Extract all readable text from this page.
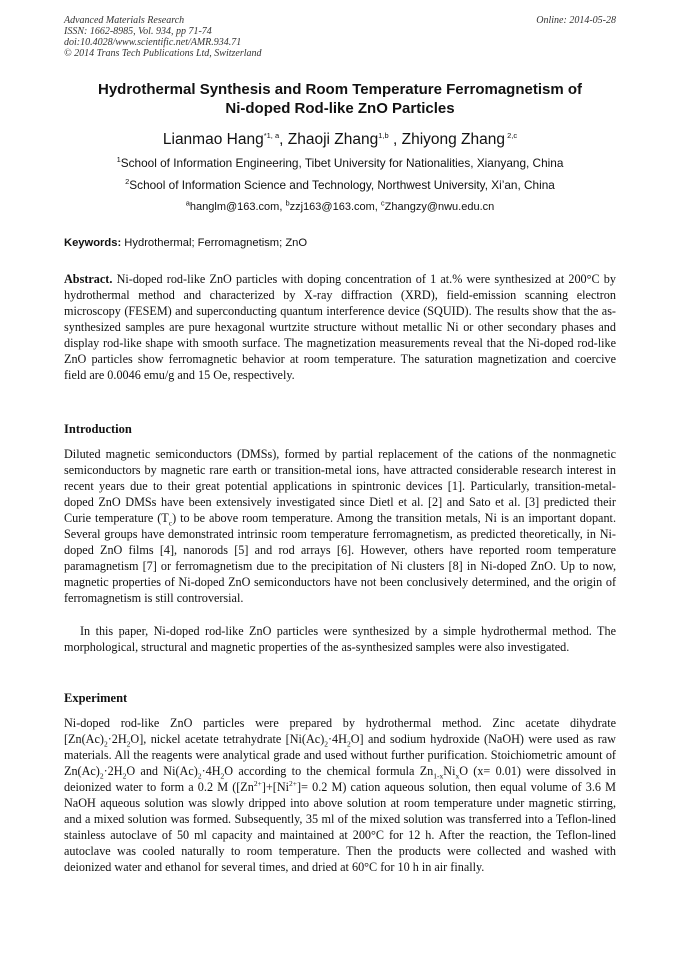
Advanced Materials Research
ISSN: 1662-8985, Vol. 934, pp 71-74
doi:10.4028/www.scientific.net/AMR.934.71
© 2014 Trans Tech Publications Ltd, Switzerland
Online: 2014-05-28
Hydrothermal Synthesis and Room Temperature Ferromagnetism of
Ni-doped Rod-like ZnO Particles
Lianmao Hang$^{*1, a}$, Zhaoji Zhang$^{1,b}$ , Zhiyong Zhang $^{2,c}$
$^1$School of Information Engineering, Tibet University for Nationalities, Xianyang, China
$^2$School of Information Science and Technology, Northwest University, Xi’an, China
$^a$hanglm@163.com, $^b$zzj163@163.com, $^c$Zhangzy@nwu.edu.cn
Keywords: Hydrothermal; Ferromagnetism; ZnO

Abstract. Ni-doped rod-like ZnO particles with doping concentration of 1 at.% were synthesized at 200°C by hydrothermal method and characterized by X-ray diffraction (XRD), field-emission scanning electron microscopy (FESEM) and superconducting quantum interference device (SQUID). The results show that the as-synthesized samples are pure hexagonal wurtzite structure without metallic Ni or other secondary phases and display rod-like shape with smooth surface. The magnetization measurements reveal that the Ni-doped rod-like ZnO particles show ferromagnetic behavior at room temperature. The saturation magnetization and coercive field are 0.0046 emu/g and 15 Oe, respectively.

Introduction

Diluted magnetic semiconductors (DMSs), formed by partial replacement of the cations of the nonmagnetic semiconductors by magnetic rare earth or transition-metal ions, have attracted considerable research interest in recent years due to their great potential applications in spintronic devices [1]. Particularly, transition-metal-doped ZnO DMSs have been extensively investigated since Dietl et al. [2] and Sato et al. [3] predicted their Curie temperature $(T_c)$ to be above room temperature. Among the transition metals, Ni is an important dopant. Several groups have demonstrated intrinsic room temperature ferromagnetism, as predicted theoretically, in Ni-doped ZnO films [4], nanorods [5] and rod arrays [6]. However, others have reported room temperature paramagnetism [7] or ferromagnetism due to the precipitation of Ni clusters [8] in Ni-doped ZnO. Up to now, magnetic properties of Ni-doped ZnO semiconductors have not been conclusively determined, and the origin of ferromagnetism is still controversial.

In this paper, Ni-doped rod-like ZnO particles were synthesized by a simple hydrothermal method. The morphological, structural and magnetic properties of the as-synthesized samples were also investigated.

Experiment

Ni-doped rod-like ZnO particles were prepared by hydrothermal method. Zinc acetate dihydrate $[Zn(Ac)_2\cdot 2H_2O]$, nickel acetate tetrahydrate $[Ni(Ac)_2\cdot 4H_2O]$ and sodium hydroxide (NaOH) were used as raw materials. All the reagents were analytical grade and used without further purification. Stoichiometric amount of $Zn(Ac)_2\cdot 2H_2O$ and $Ni(Ac)_2\cdot 4H_2O$ according to the chemical formula $Zn_{1-x}Ni_xO$ (x= 0.01) were dissolved in deionized water to form a 0.2 M ($[Zn^{2+}]+[Ni^{2+}]= 0.2$ M) cation aqueous solution, then equal volume of 3.6 M NaOH aqueous solution was slowly dripped into above solution at room temperature under magnetic stirring, and a mixed solution was formed. Subsequently, 35 ml of the mixed solution was transferred into a Teflon-lined stainless autoclave of 50 ml capacity and maintained at 200°C for 12 h. After the reaction, the Teflon-lined autoclave was cooled naturally to room temperature. Then the products were collected and washed with deionized water and ethanol for several times, and dried at 60°C for 10 h in air finally.
